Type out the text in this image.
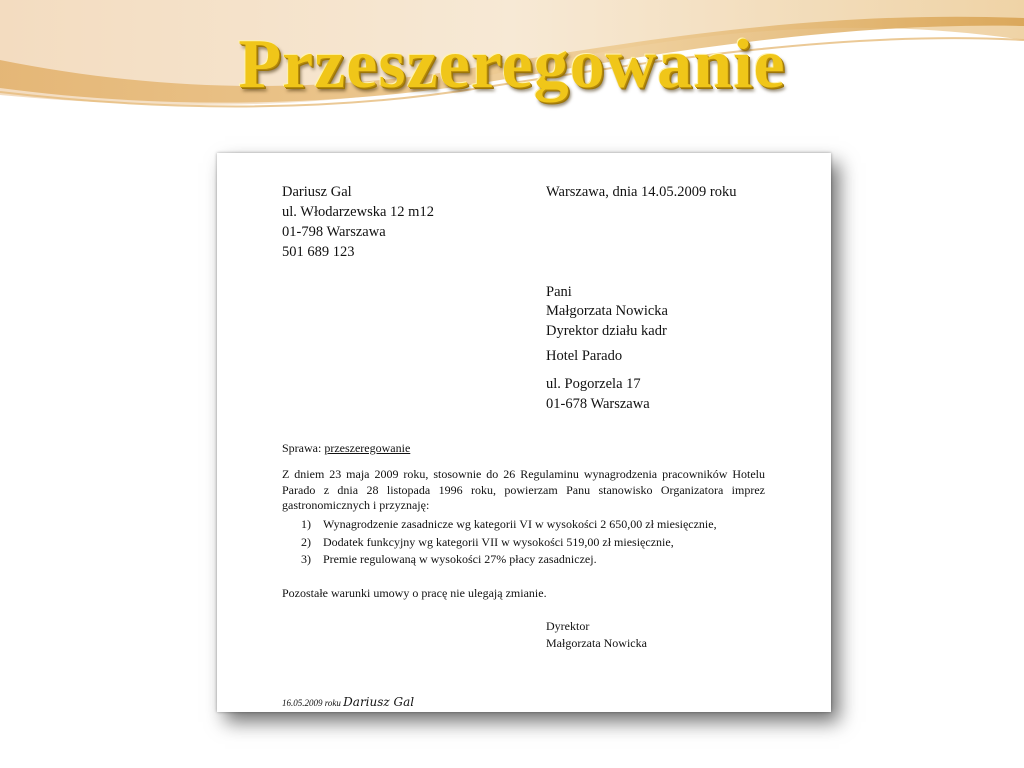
Przeszeregowanie

Dariusz Gal

ul. Włodarzewska 12 m12

01-798 Warszawa

501 689 123

Warszawa, dnia 14.05.2009 roku

Pani

Małgorzata Nowicka

Dyrektor działu kadr

Hotel Parado

ul. Pogorzela 17

01-678 Warszawa

Sprawa: przeszeregowanie

Z dniem 23 maja 2009 roku, stosownie do 26 Regulaminu wynagrodzenia pracowników Hotelu Parado z dnia 28 listopada 1996 roku, powierzam Panu stanowisko Organizatora imprez gastronomicznych i przyznaję:

1) Wynagrodzenie zasadnicze wg kategorii VI w wysokości 2 650,00 zł miesięcznie,
2) Dodatek funkcyjny wg kategorii VII w wysokości 519,00 zł miesięcznie,
3) Premie regulowaną w wysokości 27% płacy zasadniczej.

Pozostałe warunki umowy o pracę nie ulegają zmianie.

Dyrektor

Małgorzata Nowicka

16.05.2009 roku Dariusz Gal
